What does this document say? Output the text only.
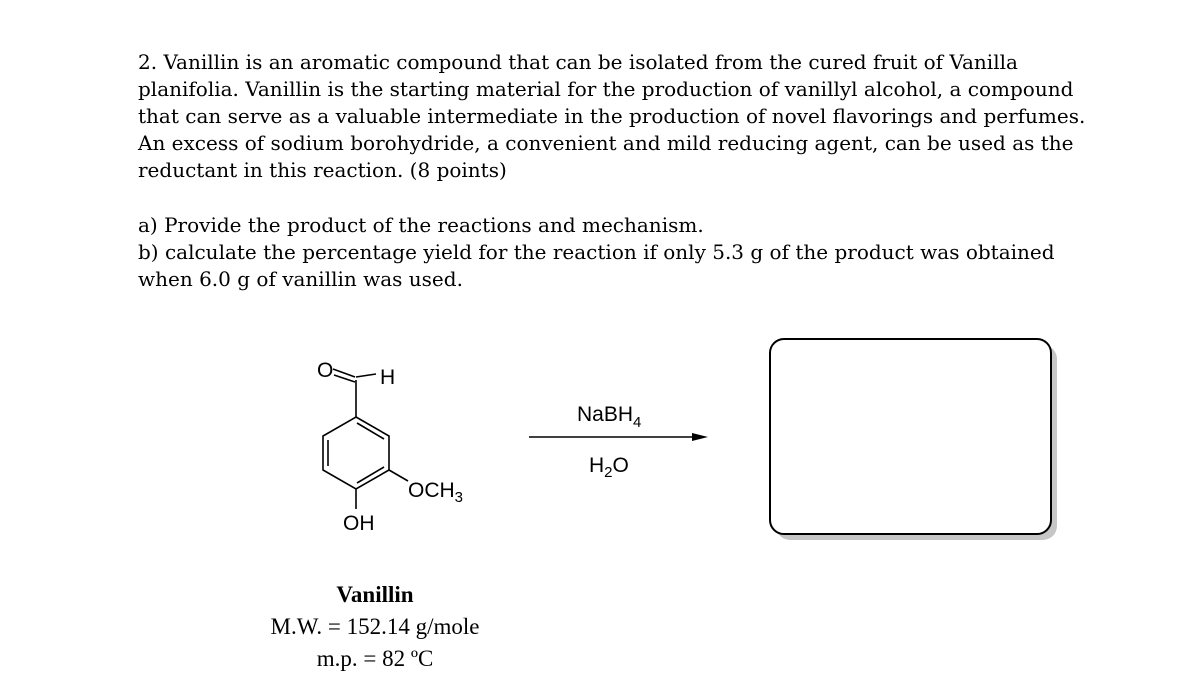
2. Vanillin is an aromatic compound that can be isolated from the cured fruit of Vanilla planifolia. Vanillin is the starting material for the production of vanillyl alcohol, a compound that can serve as a valuable intermediate in the production of novel flavorings and perfumes. An excess of sodium borohydride, a convenient and mild reducing agent, can be used as the reductant in this reaction. (8 points)

a) Provide the product of the reactions and mechanism.
b) calculate the percentage yield for the reaction if only 5.3 g of the product was obtained when 6.0 g of vanillin was used.

O H
$OCH_3$
OH
NaBH$_4$
$H_2O$
Vanillin
M.W. = 152.14 g/mole
m.p. = 82 ºC
